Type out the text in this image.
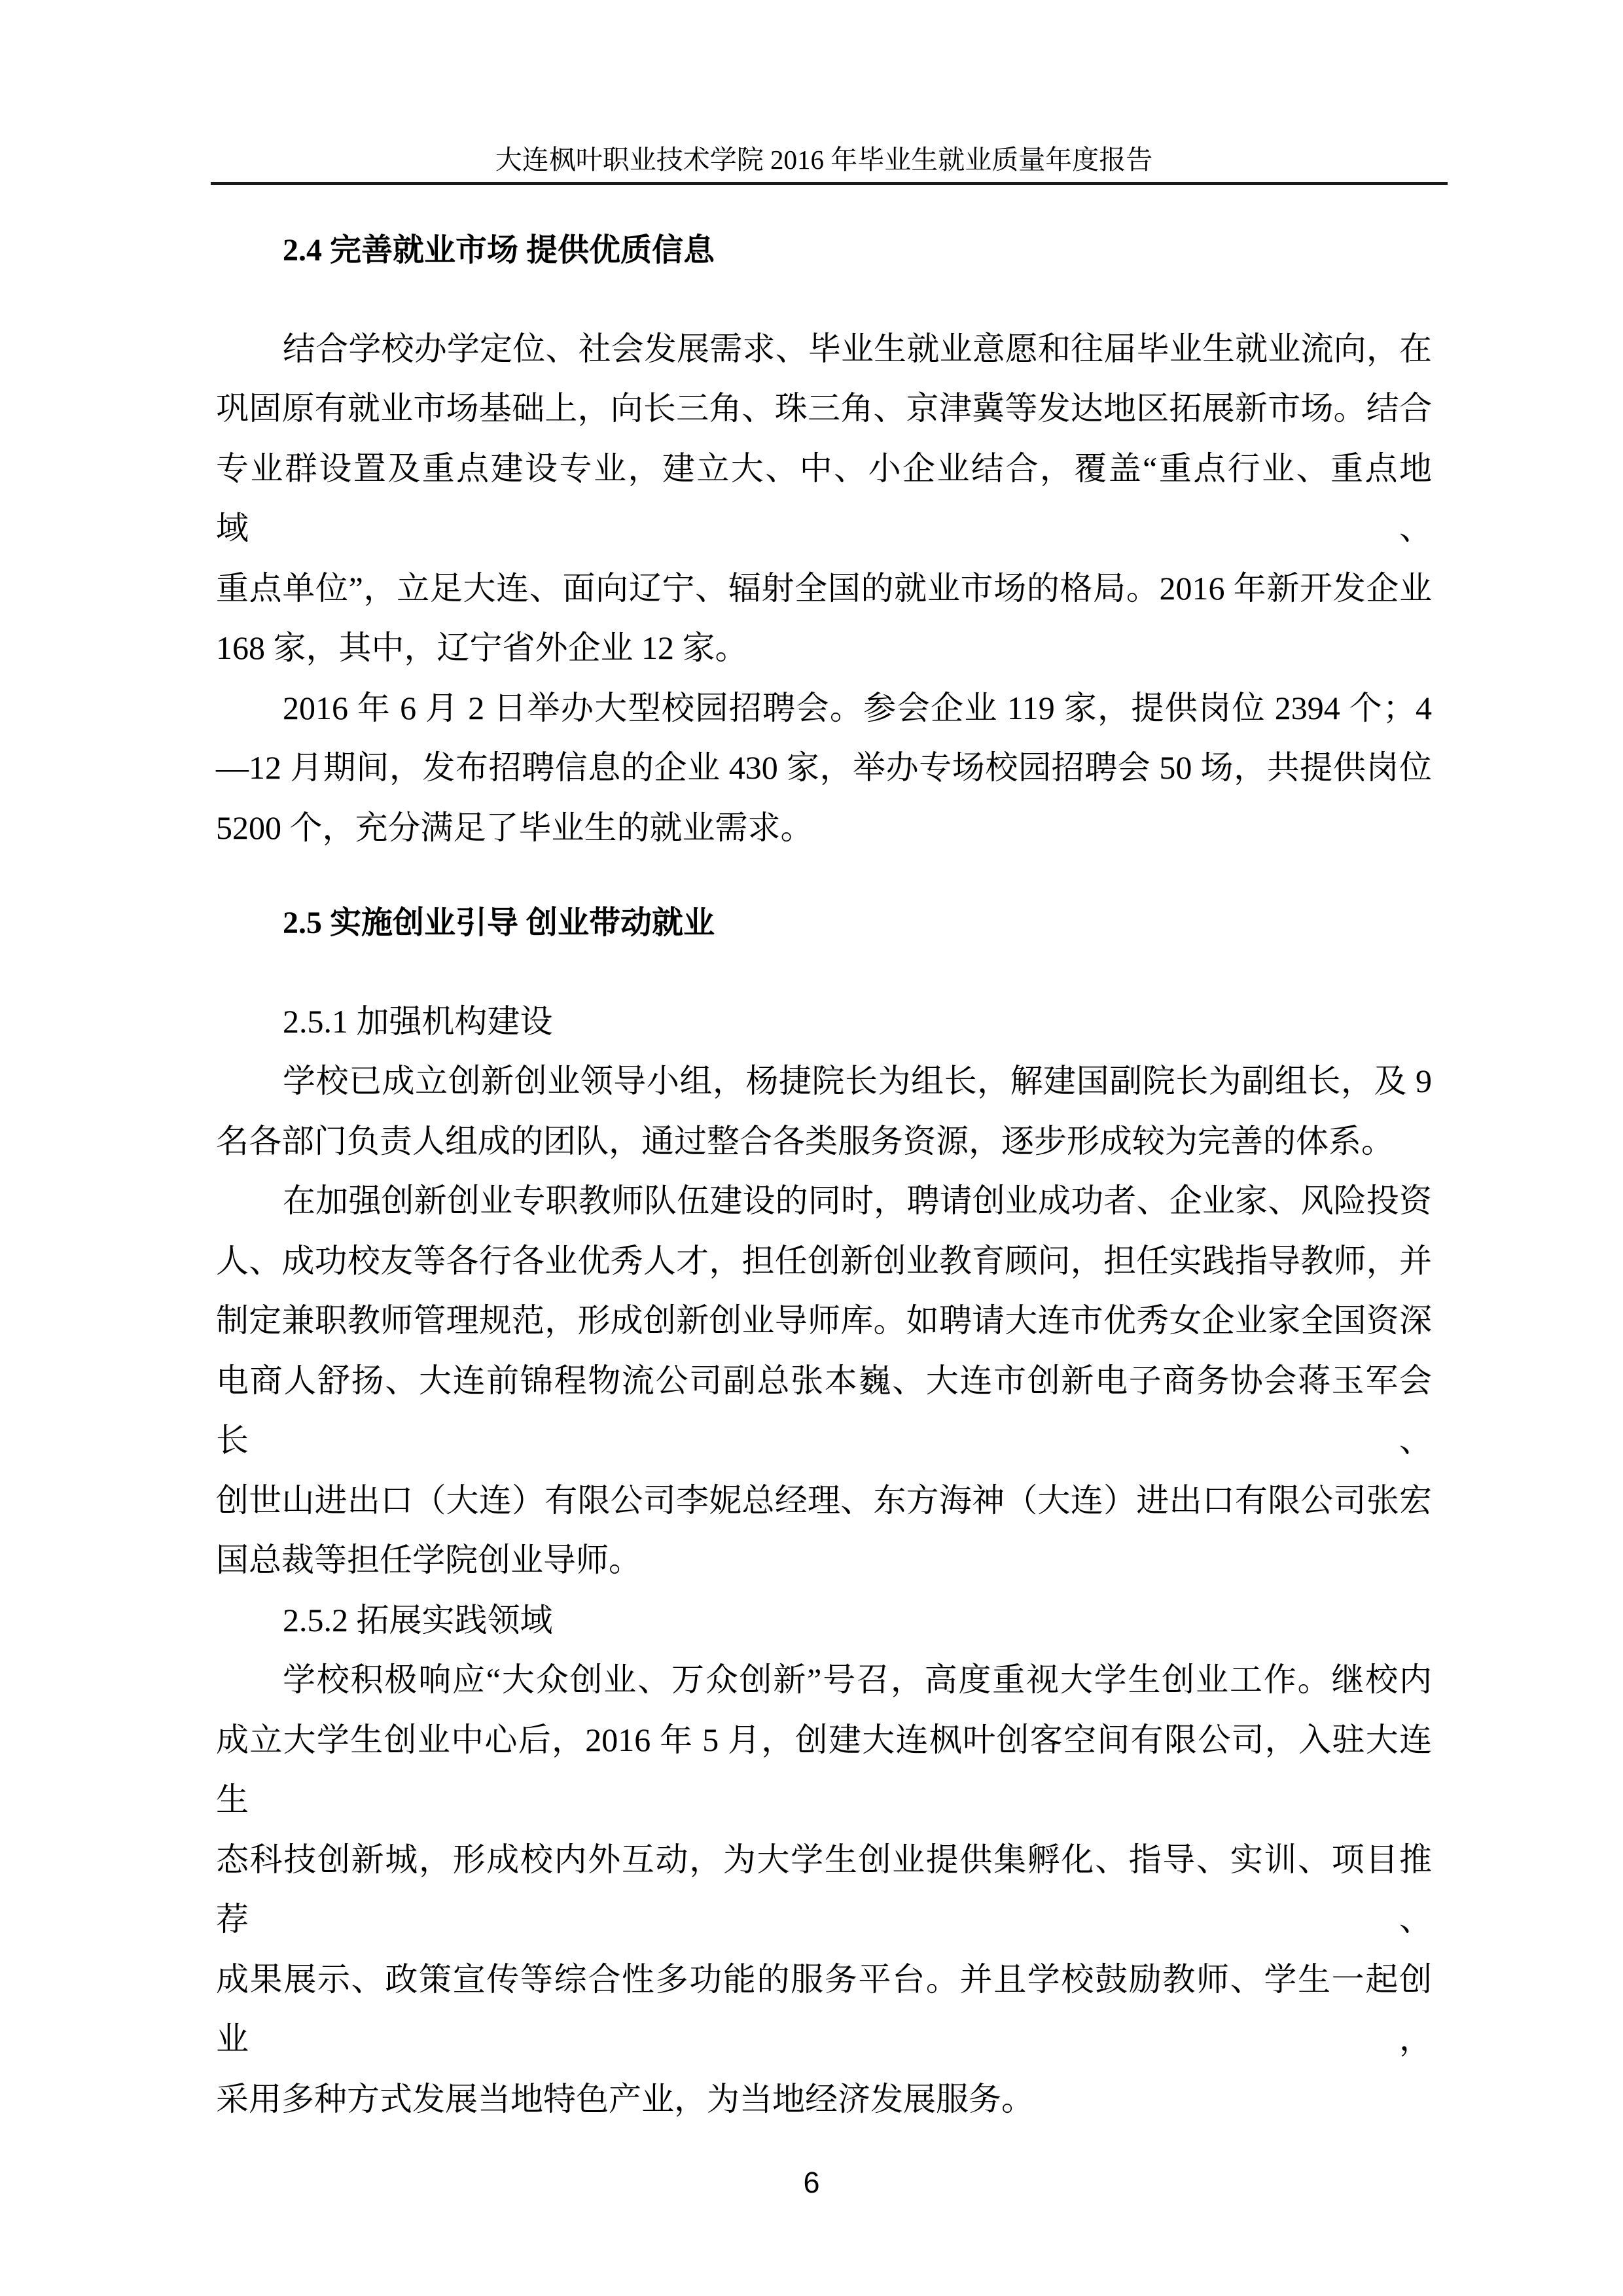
大连枫叶职业技术学院 2016 年毕业生就业质量年度报告
2.4 完善就业市场 提供优质信息
结合学校办学定位、社会发展需求、毕业生就业意愿和往届毕业生就业流向，在
巩固原有就业市场基础上，向长三角、珠三角、京津冀等发达地区拓展新市场。结合
专业群设置及重点建设专业，建立大、中、小企业结合，覆盖“重点行业、重点地域、
重点单位”，立足大连、面向辽宁、辐射全国的就业市场的格局。2016 年新开发企业
168 家，其中，辽宁省外企业 12 家。
2016 年 6 月 2 日举办大型校园招聘会。参会企业 119 家，提供岗位 2394 个；4
—12 月期间，发布招聘信息的企业 430 家，举办专场校园招聘会 50 场，共提供岗位
5200 个，充分满足了毕业生的就业需求。
2.5 实施创业引导 创业带动就业
2.5.1 加强机构建设
学校已成立创新创业领导小组，杨捷院长为组长，解建国副院长为副组长，及 9
名各部门负责人组成的团队，通过整合各类服务资源，逐步形成较为完善的体系。
在加强创新创业专职教师队伍建设的同时，聘请创业成功者、企业家、风险投资
人、成功校友等各行各业优秀人才，担任创新创业教育顾问，担任实践指导教师，并
制定兼职教师管理规范，形成创新创业导师库。如聘请大连市优秀女企业家全国资深
电商人舒扬、大连前锦程物流公司副总张本巍、大连市创新电子商务协会蒋玉军会长、
创世山进出口（大连）有限公司李妮总经理、东方海神（大连）进出口有限公司张宏
国总裁等担任学院创业导师。
2.5.2 拓展实践领域
学校积极响应“大众创业、万众创新”号召，高度重视大学生创业工作。继校内
成立大学生创业中心后，2016 年 5 月，创建大连枫叶创客空间有限公司，入驻大连生
态科技创新城，形成校内外互动，为大学生创业提供集孵化、指导、实训、项目推荐、
成果展示、政策宣传等综合性多功能的服务平台。并且学校鼓励教师、学生一起创业，
采用多种方式发展当地特色产业，为当地经济发展服务。
6
